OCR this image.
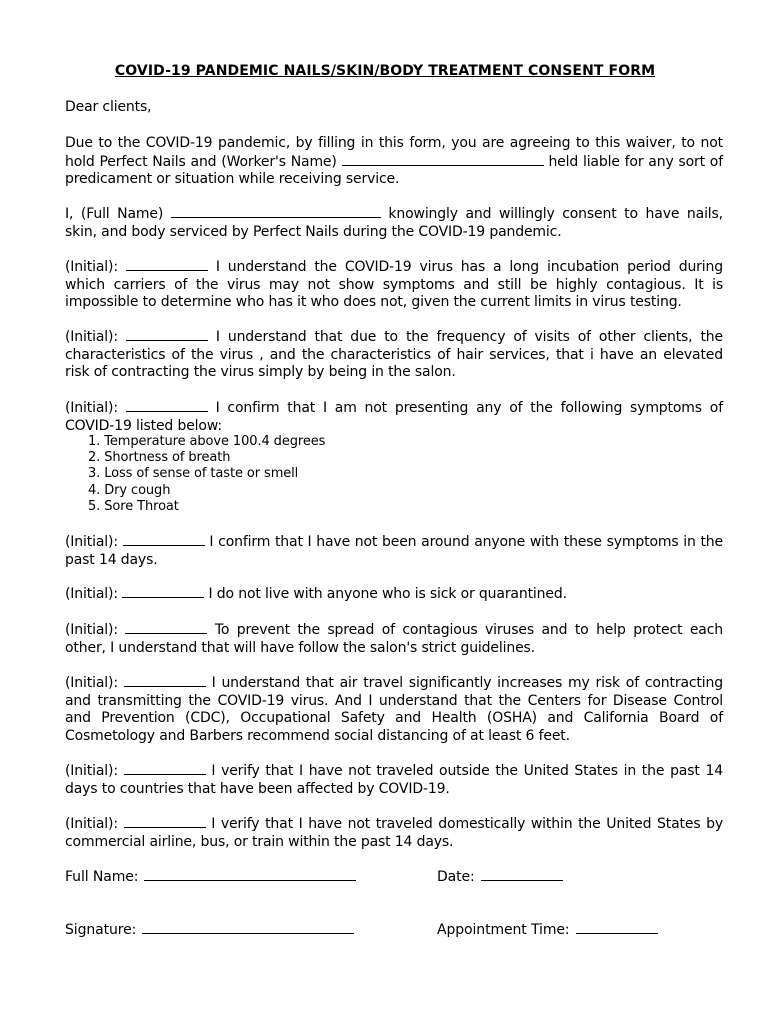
COVID-19 PANDEMIC NAILS/SKIN/BODY TREATMENT CONSENT FORM

Dear clients,

Due to the COVID-19 pandemic, by filling in this form, you are agreeing to this waiver, to not hold Perfect Nails and (Worker's Name)	held liable for any sort of predicament or situation while receiving service.

I, (Full Name)	knowingly and willingly consent to have nails, skin, and body serviced by Perfect Nails during the COVID-19 pandemic.

(Initial):	I understand the COVID-19 virus has a long incubation period during which carriers of the virus may not show symptoms and still be highly contagious. It is impossible to determine who has it who does not, given the current limits in virus testing.

(Initial):	I understand that due to the frequency of visits of other clients, the characteristics of the virus , and the characteristics of hair services, that i have an elevated risk of contracting the virus simply by being in the salon.

(Initial):	I confirm that I am not presenting any of the following symptoms of COVID-19 listed below:

1. Temperature above 100.4 degrees
2. Shortness of breath
3. Loss of sense of taste or smell
4. Dry cough
5. Sore Throat

(Initial):	I confirm that I have not been around anyone with these symptoms in the past 14 days.

(Initial):	I do not live with anyone who is sick or quarantined.

(Initial):	To prevent the spread of contagious viruses and to help protect each other, I understand that will have follow the salon's strict guidelines.

(Initial):	I understand that air travel significantly increases my risk of contracting and transmitting the COVID-19 virus. And I understand that the Centers for Disease Control and Prevention (CDC), Occupational Safety and Health (OSHA) and California Board of Cosmetology and Barbers recommend social distancing of at least 6 feet.

(Initial):	I verify that I have not traveled outside the United States in the past 14 days to countries that have been affected by COVID-19.

(Initial):	I verify that I have not traveled domestically within the United States by commercial airline, bus, or train within the past 14 days.

Full Name:	Date:
Signature:	Appointment Time:
